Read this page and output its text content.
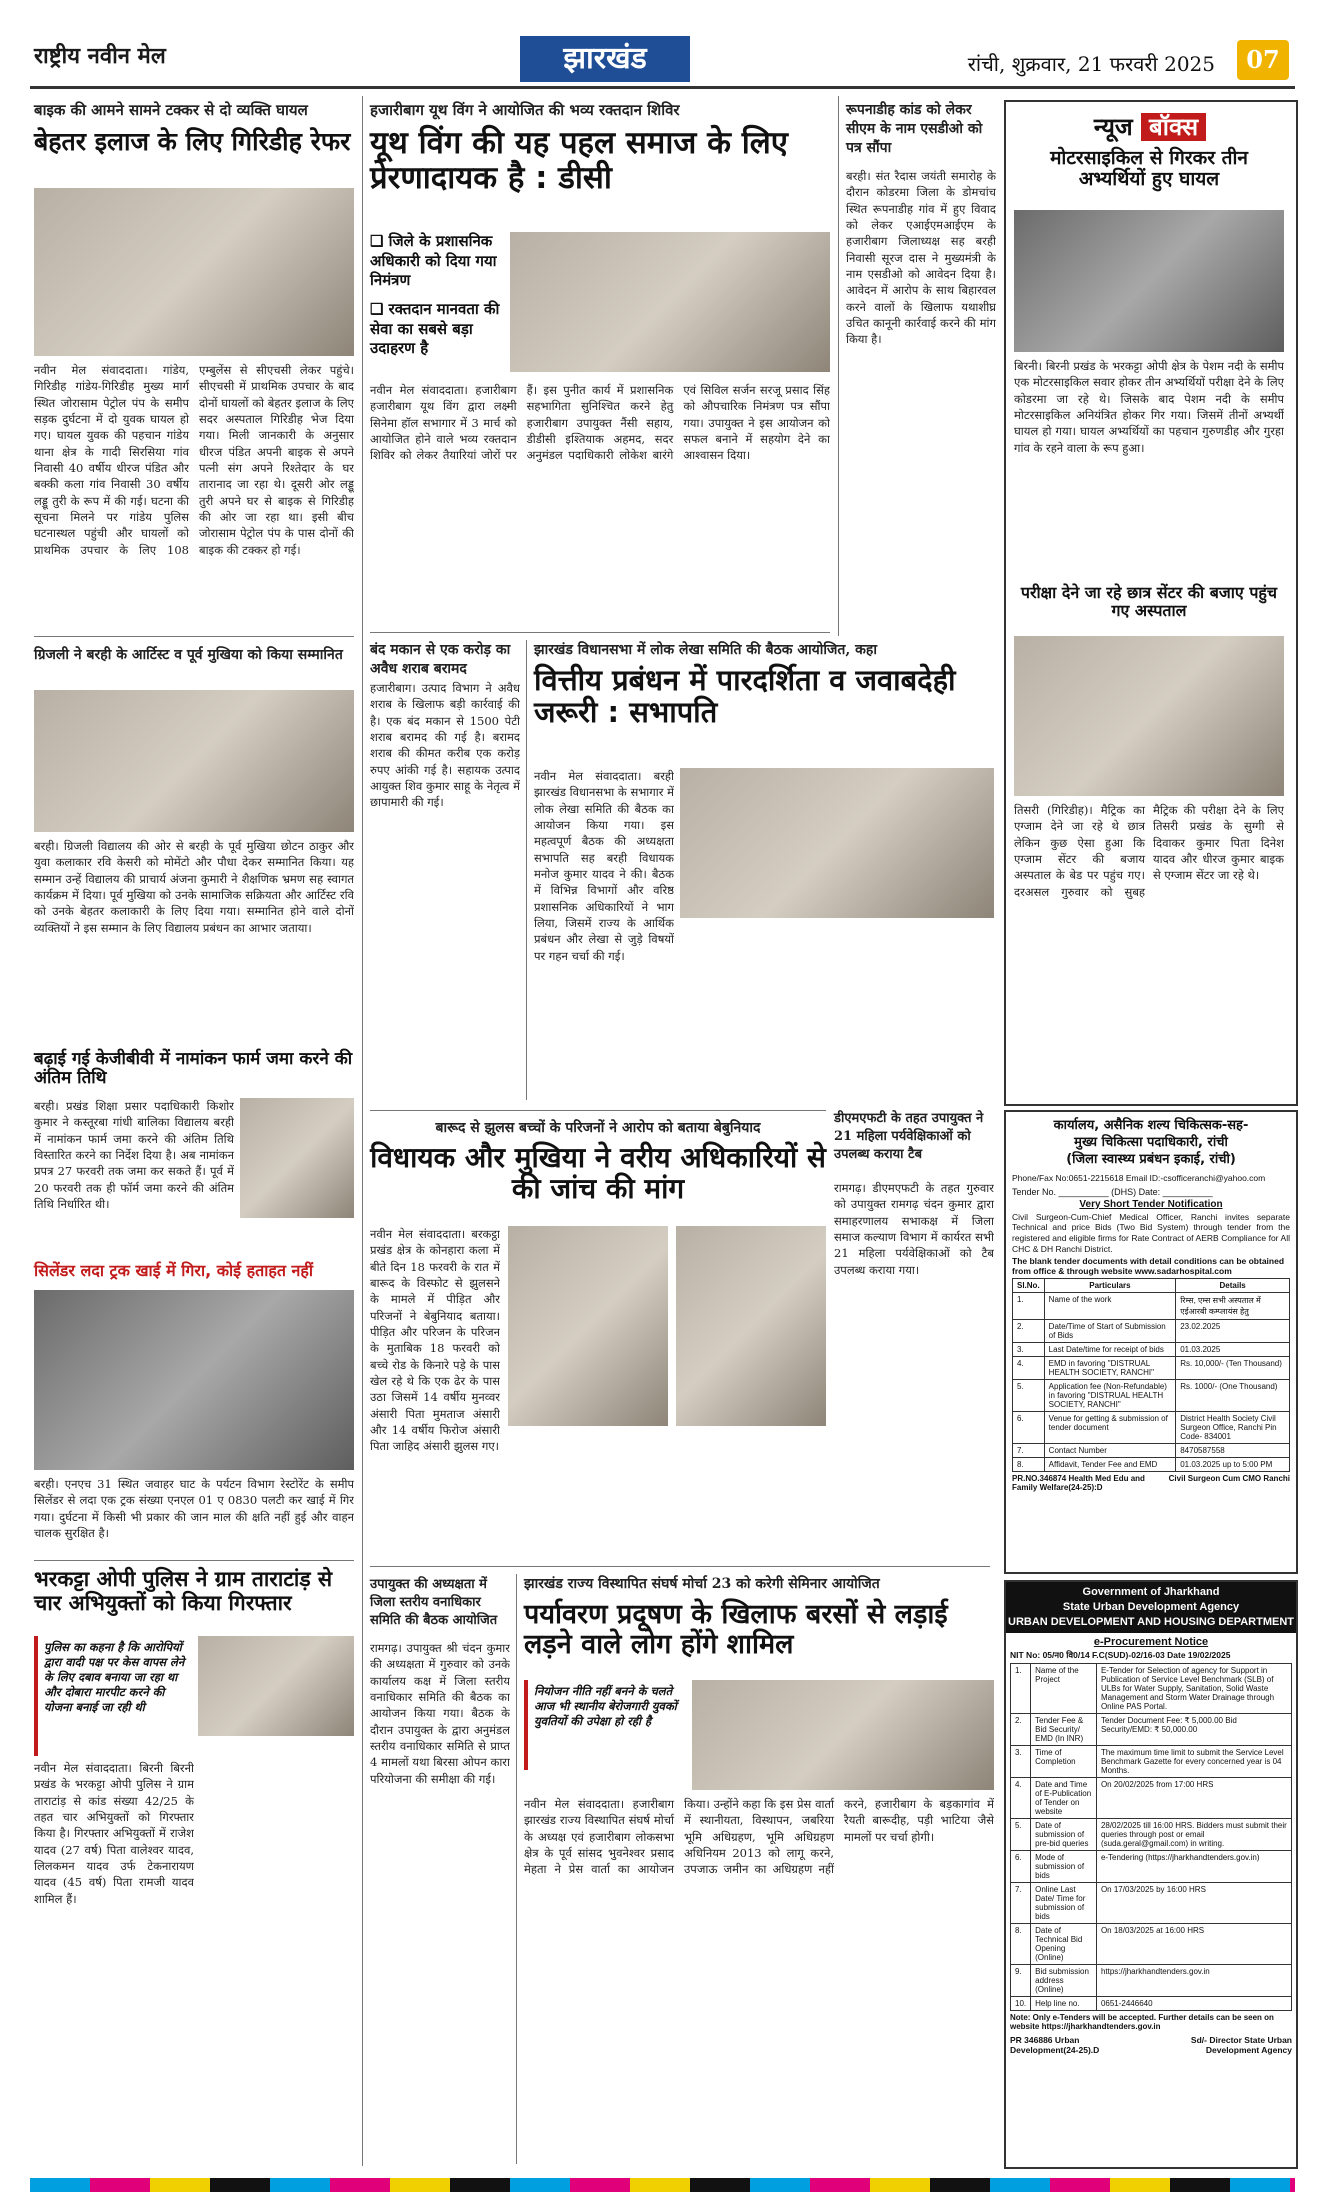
राष्ट्रीय नवीन मेल	झारखंड	रांची, शुक्रवार, 21 फरवरी 2025	07
बाइक की आमने सामने टक्कर से दो व्यक्ति घायल
बेहतर इलाज के लिए गिरिडीह रेफर
नवीन मेल संवाददाता। गांडेय, गिरिडीह गांडेय-गिरिडीह मुख्य मार्ग स्थित जोरासाम पेट्रोल पंप के समीप सड़क दुर्घटना में दो युवक घायल हो गए। घायल युवक की पहचान गांडेय थाना क्षेत्र के गादी सिरसिया गांव निवासी 40 वर्षीय धीरज पंडित और बक्की कला गांव निवासी 30 वर्षीय लड्डू तुरी के रूप में की गई। घटना की सूचना मिलने पर गांडेय पुलिस घटनास्थल पहुंची और घायलों को प्राथमिक उपचार के लिए 108 एम्बुलेंस से सीएचसी लेकर पहुंचे। सीएचसी में प्राथमिक उपचार के बाद दोनों घायलों को बेहतर इलाज के लिए सदर अस्पताल गिरिडीह भेज दिया गया। मिली जानकारी के अनुसार धीरज पंडित अपनी बाइक से अपने पत्नी संग अपने रिश्तेदार के घर तारानाद जा रहा थे। दूसरी ओर लड्डू तुरी अपने घर से बाइक से गिरिडीह की ओर जा रहा था। इसी बीच जोरासाम पेट्रोल पंप के पास दोनों की बाइक की टक्कर हो गई।
ग्रिजली ने बरही के आर्टिस्ट व पूर्व मुखिया को किया सम्मानित
बरही। ग्रिजली विद्यालय की ओर से बरही के पूर्व मुखिया छोटन ठाकुर और युवा कलाकार रवि केसरी को मोमेंटो और पौधा देकर सम्मानित किया। यह सम्मान उन्हें विद्यालय की प्राचार्य अंजना कुमारी ने शैक्षणिक भ्रमण सह स्वागत कार्यक्रम में दिया। पूर्व मुखिया को उनके सामाजिक सक्रियता और आर्टिस्ट रवि को उनके बेहतर कलाकारी के लिए दिया गया। सम्मानित होने वाले दोनों व्यक्तियों ने इस सम्मान के लिए विद्यालय प्रबंधन का आभार जताया।
बढ़ाई गई केजीबीवी में नामांकन फार्म जमा करने की अंतिम तिथि
बरही। प्रखंड शिक्षा प्रसार पदाधिकारी किशोर कुमार ने कस्तूरबा गांधी बालिका विद्यालय बरही में नामांकन फार्म जमा करने की अंतिम तिथि विस्तारित करने का निर्देश दिया है। अब नामांकन प्रपत्र 27 फरवरी तक जमा कर सकते हैं। पूर्व में 20 फरवरी तक ही फॉर्म जमा करने की अंतिम तिथि निर्धारित थी।
सिलेंडर लदा ट्रक खाई में गिरा, कोई हताहत नहीं
बरही। एनएच 31 स्थित जवाहर घाट के पर्यटन विभाग रेस्टोरेंट के समीप सिलेंडर से लदा एक ट्रक संख्या एनएल 01 ए 0830 पलटी कर खाई में गिर गया। दुर्घटना में किसी भी प्रकार की जान माल की क्षति नहीं हुई और वाहन चालक सुरक्षित है।
भरकट्टा ओपी पुलिस ने ग्राम ताराटांड़ से चार अभियुक्तों को किया गिरफ्तार
पुलिस का कहना है कि आरोपियों द्वारा वादी पक्ष पर केस वापस लेने के लिए दबाव बनाया जा रहा था और दोबारा मारपीट करने की योजना बनाई जा रही थी
नवीन मेल संवाददाता। बिरनी बिरनी प्रखंड के भरकट्टा ओपी पुलिस ने ग्राम ताराटांड़ से कांड संख्या 42/25 के तहत चार अभियुक्तों को गिरफ्तार किया है। गिरफ्तार अभियुक्तों में राजेश यादव (27 वर्ष) पिता वालेश्वर यादव, लिलकमन यादव उर्फ टेकनारायण यादव (45 वर्ष) पिता रामजी यादव शामिल हैं।
हजारीबाग यूथ विंग ने आयोजित की भव्य रक्तदान शिविर
यूथ विंग की यह पहल समाज के लिए प्रेरणादायक है : डीसी
❑ जिले के प्रशासनिक अधिकारी को दिया गया निमंत्रण
❑ रक्तदान मानवता की सेवा का सबसे बड़ा उदाहरण है
नवीन मेल संवाददाता। हजारीबाग हजारीबाग यूथ विंग द्वारा लक्ष्मी सिनेमा हॉल सभागार में 3 मार्च को आयोजित होने वाले भव्य रक्तदान शिविर को लेकर तैयारियां जोरों पर हैं। इस पुनीत कार्य में प्रशासनिक सहभागिता सुनिश्चित करने हेतु हजारीबाग उपायुक्त नैंसी सहाय, डीडीसी इश्तियाक अहमद, सदर अनुमंडल पदाधिकारी लोकेश बारंगे एवं सिविल सर्जन सरजू प्रसाद सिंह को औपचारिक निमंत्रण पत्र सौंपा गया। उपायुक्त ने इस आयोजन को सफल बनाने में सहयोग देने का आश्वासन दिया।
बंद मकान से एक करोड़ का अवैध शराब बरामद
हजारीबाग। उत्पाद विभाग ने अवैध शराब के खिलाफ बड़ी कार्रवाई की है। एक बंद मकान से 1500 पेटी शराब बरामद की गई है। बरामद शराब की कीमत करीब एक करोड़ रुपए आंकी गई है। सहायक उत्पाद आयुक्त शिव कुमार साहू के नेतृत्व में छापामारी की गई।
झारखंड विधानसभा में लोक लेखा समिति की बैठक आयोजित, कहा
वित्तीय प्रबंधन में पारदर्शिता व जवाबदेही जरूरी : सभापति
नवीन मेल संवाददाता। बरही झारखंड विधानसभा के सभागार में लोक लेखा समिति की बैठक का आयोजन किया गया। इस महत्वपूर्ण बैठक की अध्यक्षता सभापति सह बरही विधायक मनोज कुमार यादव ने की। बैठक में विभिन्न विभागों और वरिष्ठ प्रशासनिक अधिकारियों ने भाग लिया, जिसमें राज्य के आर्थिक प्रबंधन और लेखा से जुड़े विषयों पर गहन चर्चा की गई।
रूपनाडीह कांड को लेकर सीएम के नाम एसडीओ को पत्र सौंपा
बरही। संत रैदास जयंती समारोह के दौरान कोडरमा जिला के डोमचांच स्थित रूपनाडीह गांव में हुए विवाद को लेकर एआईएमआईएम के हजारीबाग जिलाध्यक्ष सह बरही निवासी सूरज दास ने मुख्यमंत्री के नाम एसडीओ को आवेदन दिया है। आवेदन में आरोप के साथ बिहारवल करने वालों के खिलाफ यथाशीघ्र उचित कानूनी कार्रवाई करने की मांग किया है।
डीएमएफटी के तहत उपायुक्त ने 21 महिला पर्यवेक्षिकाओं को उपलब्ध कराया टैब
रामगढ़। डीएमएफटी के तहत गुरुवार को उपायुक्त रामगढ़ चंदन कुमार द्वारा समाहरणालय सभाकक्ष में जिला समाज कल्याण विभाग में कार्यरत सभी 21 महिला पर्यवेक्षिकाओं को टैब उपलब्ध कराया गया।
न्यूज बॉक्स
मोटरसाइकिल से गिरकर तीन अभ्यर्थियों हुए घायल
बिरनी। बिरनी प्रखंड के भरकट्टा ओपी क्षेत्र के पेशम नदी के समीप एक मोटरसाइकिल सवार होकर तीन अभ्यर्थियों परीक्षा देने के लिए कोडरमा जा रहे थे। जिसके बाद पेशम नदी के समीप मोटरसाइकिल अनियंत्रित होकर गिर गया। जिसमें तीनों अभ्यर्थी घायल हो गया। घायल अभ्यर्थियों का पहचान गुरुणडीह और गुरहा गांव के रहने वाला के रूप हुआ।
परीक्षा देने जा रहे छात्र सेंटर की बजाए पहुंच गए अस्पताल
तिसरी (गिरिडीह)। मैट्रिक का एग्जाम देने जा रहे थे छात्र लेकिन कुछ ऐसा हुआ कि एग्जाम सेंटर की बजाय अस्पताल के बेड पर पहुंच गए। दरअसल गुरुवार को सुबह मैट्रिक की परीक्षा देने के लिए तिसरी प्रखंड के सुग्गी से दिवाकर कुमार पिता दिनेश यादव और धीरज कुमार बाइक से एग्जाम सेंटर जा रहे थे।
बारूद से झुलस बच्चों के परिजनों ने आरोप को बताया बेबुनियाद
विधायक और मुखिया ने वरीय अधिकारियों से की जांच की मांग
नवीन मेल संवाददाता। बरकट्ठा प्रखंड क्षेत्र के कोनहारा कला में बीते दिन 18 फरवरी के रात में बारूद के विस्फोट से झुलसने के मामले में पीड़ित और परिजनों ने बेबुनियाद बताया। पीड़ित और परिजन के परिजन के मुताबिक 18 फरवरी को बच्चे रोड के किनारे पड़े के पास खेल रहे थे कि एक ढेर के पास उठा जिसमें 14 वर्षीय मुनव्वर अंसारी पिता मुमताज अंसारी और 14 वर्षीय फिरोज अंसारी पिता जाहिद अंसारी झुलस गए।
उपायुक्त की अध्यक्षता में जिला स्तरीय वनाधिकार समिति की बैठक आयोजित
रामगढ़। उपायुक्त श्री चंदन कुमार की अध्यक्षता में गुरुवार को उनके कार्यालय कक्ष में जिला स्तरीय वनाधिकार समिति की बैठक का आयोजन किया गया। बैठक के दौरान उपायुक्त के द्वारा अनुमंडल स्तरीय वनाधिकार समिति से प्राप्त 4 मामलों यथा बिरसा ओपन कारा परियोजना की समीक्षा की गई।
झारखंड राज्य विस्थापित संघर्ष मोर्चा 23 को करेगी सेमिनार आयोजित
पर्यावरण प्रदूषण के खिलाफ बरसों से लड़ाई लड़ने वाले लोग होंगे शामिल
नियोजन नीति नहीं बनने के चलते आज भी स्थानीय बेरोजगारी युवकों युवतियों की उपेक्षा हो रही है
नवीन मेल संवाददाता। हजारीबाग झारखंड राज्य विस्थापित संघर्ष मोर्चा के अध्यक्ष एवं हजारीबाग लोकसभा क्षेत्र के पूर्व सांसद भुवनेश्वर प्रसाद मेहता ने प्रेस वार्ता का आयोजन किया। उन्होंने कहा कि इस प्रेस वार्ता में स्थानीयता, विस्थापन, जबरिया भूमि अधिग्रहण, भूमि अधिग्रहण अधिनियम 2013 को लागू करने, उपजाऊ जमीन का अधिग्रहण नहीं करने, हजारीबाग के बड़कागांव में रैयती बारूदीह, पड़ी भाटिया जैसे मामलों पर चर्चा होगी।
कार्यालय, असैनिक शल्य चिकित्सक-सह-
मुख्य चिकित्सा पदाधिकारी, रांची
(जिला स्वास्थ्य प्रबंधन इकाई, रांची)
Phone/Fax No:0651-2215618 Email ID:-csofficeranchi@yahoo.com
Tender No. __________ (DHS) Date: __________
Very Short Tender Notification
Civil Surgeon-Cum-Chief Medical Officer, Ranchi invites separate Technical and price Bids (Two Bid System) through tender from the registered and eligible firms for Rate Contract of AERB Compliance for All CHC & DH Ranchi District.
The blank tender documents with detail conditions can be obtained from office & through website www.sadarhospital.com
Sl.No.	Particulars	Details
1.	Name of the work	रिम्स, एम्स सभी अस्पताल में एईआरबी कम्प्लायंस हेतु
2.	Date/Time of Start of Submission of Bids	23.02.2025
3.	Last Date/time for receipt of bids	01.03.2025
4.	EMD in favoring "DISTRUAL HEALTH SOCIETY, RANCHI"	Rs. 10,000/- (Ten Thousand)
5.	Application fee (Non-Refundable) in favoring "DISTRUAL HEALTH SOCIETY, RANCHI"	Rs. 1000/- (One Thousand)
6.	Venue for getting & submission of tender document	District Health Society Civil Surgeon Office, Ranchi Pin Code- 834001
7.	Contact Number	8470587558
8.	Affidavit, Tender Fee and EMD	01.03.2025 up to 5:00 PM
PR.NO.346874 Health Med Edu and Family Welfare(24-25):D
Civil Surgeon Cum CMO Ranchi
Government of Jharkhand
State Urban Development Agency
URBAN DEVELOPMENT AND HOUSING DEPARTMENT
e-Procurement Notice
NIT No: 05/न0 वि0/14 F.C(SUD)-02/16-03 Date 19/02/2025
1.	Name of the Project	E-Tender for Selection of agency for Support in Publication of Service Level Benchmark (SLB) of ULBs for Water Supply, Sanitation, Solid Waste Management and Storm Water Drainage through Online PAS Portal.
2.	Tender Fee & Bid Security/ EMD (In INR)	Tender Document Fee: ₹ 5,000.00 Bid Security/EMD: ₹ 50,000.00
3.	Time of Completion	The maximum time limit to submit the Service Level Benchmark Gazette for every concerned year is 04 Months.
4.	Date and Time of E-Publication of Tender on website	On 20/02/2025 from 17:00 HRS
5.	Date of submission of pre-bid queries	28/02/2025 till 16:00 HRS. Bidders must submit their queries through post or email (suda.geral@gmail.com) in writing.
6.	Mode of submission of bids	e-Tendering (https://jharkhandtenders.gov.in)
7.	Online Last Date/ Time for submission of bids	On 17/03/2025 by 16:00 HRS
8.	Date of Technical Bid Opening (Online)	On 18/03/2025 at 16:00 HRS
9.	Bid submission address (Online)	https://jharkhandtenders.gov.in
10.	Help line no.	0651-2446640
Note: Only e-Tenders will be accepted. Further details can be seen on website https://jharkhandtenders.gov.in
PR 346886 Urban Development(24-25).D
Sd/- Director State Urban Development Agency
